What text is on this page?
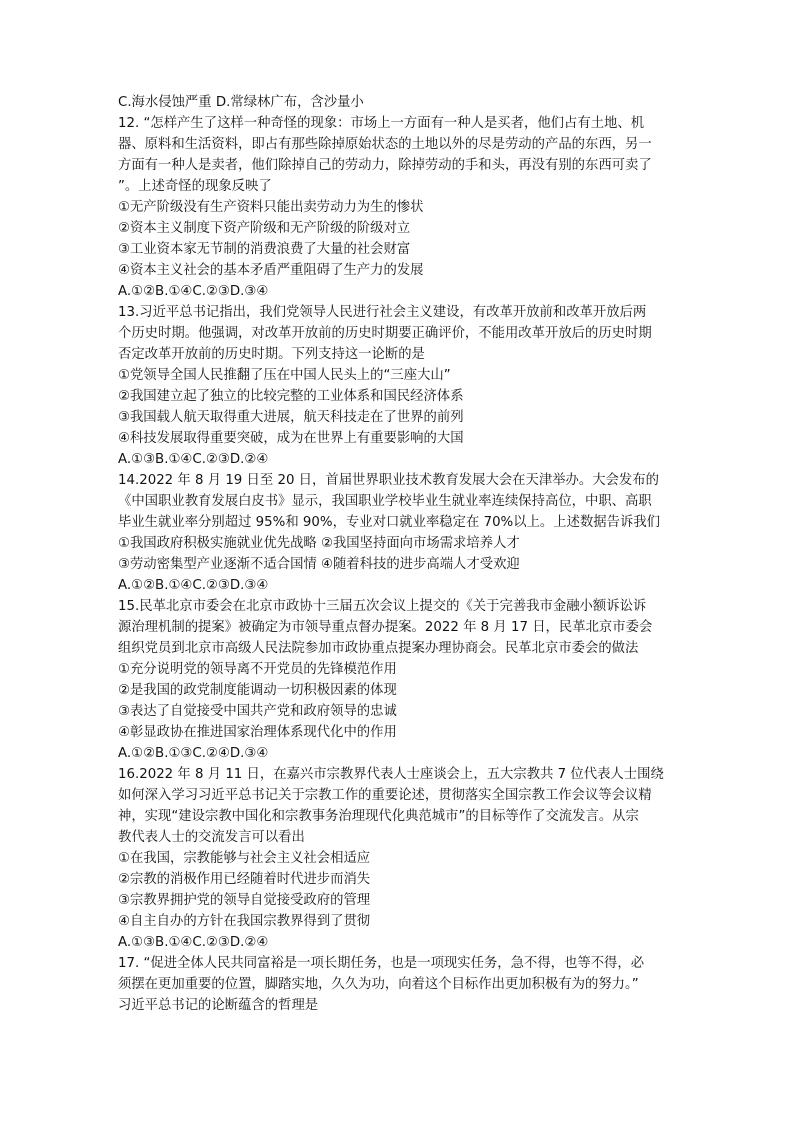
C.海水侵蚀严重 D.常绿林广布，含沙量小
12. “怎样产生了这样一种奇怪的现象：市场上一方面有一种人是买者，他们占有土地、机
器、原料和生活资料，即占有那些除掉原始状态的土地以外的尽是劳动的产品的东西，另一
方面有一种人是卖者，他们除掉自己的劳动力，除掉劳动的手和头，再没有别的东西可卖了
”。上述奇怪的现象反映了
①无产阶级没有生产资料只能出卖劳动力为生的惨状
②资本主义制度下资产阶级和无产阶级的阶级对立
③工业资本家无节制的消费浪费了大量的社会财富
④资本主义社会的基本矛盾严重阻碍了生产力的发展
A.①②B.①④C.②③D.③④
13.习近平总书记指出，我们党领导人民进行社会主义建设，有改革开放前和改革开放后两
个历史时期。他强调，对改革开放前的历史时期要正确评价，不能用改革开放后的历史时期
否定改革开放前的历史时期。下列支持这一论断的是
①党领导全国人民推翻了压在中国人民头上的“三座大山”
②我国建立起了独立的比较完整的工业体系和国民经济体系
③我国载人航天取得重大进展，航天科技走在了世界的前列
④科技发展取得重要突破，成为在世界上有重要影响的大国
A.①③B.①④C.②③D.②④
14.2022 年 8 月 19 日至 20 日，首届世界职业技术教育发展大会在天津举办。大会发布的
《中国职业教育发展白皮书》显示，我国职业学校毕业生就业率连续保持高位，中职、高职
毕业生就业率分别超过 95%和 90%，专业对口就业率稳定在 70%以上。上述数据告诉我们
①我国政府积极实施就业优先战略 ②我国坚持面向市场需求培养人才
③劳动密集型产业逐渐不适合国情 ④随着科技的进步高端人才受欢迎
A.①②B.①④C.②③D.③④
15.民革北京市委会在北京市政协十三届五次会议上提交的《关于完善我市金融小额诉讼诉
源治理机制的提案》被确定为市领导重点督办提案。2022 年 8 月 17 日，民革北京市委会
组织党员到北京市高级人民法院参加市政协重点提案办理协商会。民革北京市委会的做法
①充分说明党的领导离不开党员的先锋模范作用
②是我国的政党制度能调动一切积极因素的体现
③表达了自觉接受中国共产党和政府领导的忠诚
④彰显政协在推进国家治理体系现代化中的作用
A.①②B.①③C.②④D.③④
16.2022 年 8 月 11 日，在嘉兴市宗教界代表人士座谈会上，五大宗教共 7 位代表人士围绕
如何深入学习习近平总书记关于宗教工作的重要论述，贯彻落实全国宗教工作会议等会议精
神，实现“建设宗教中国化和宗教事务治理现代化典范城市”的目标等作了交流发言。从宗
教代表人士的交流发言可以看出
①在我国，宗教能够与社会主义社会相适应
②宗教的消极作用已经随着时代进步而消失
③宗教界拥护党的领导自觉接受政府的管理
④自主自办的方针在我国宗教界得到了贯彻
A.①③B.①④C.②③D.②④
17. “促进全体人民共同富裕是一项长期任务，也是一项现实任务，急不得，也等不得，必
须摆在更加重要的位置，脚踏实地，久久为功，向着这个目标作出更加积极有为的努力。”
习近平总书记的论断蕴含的哲理是
